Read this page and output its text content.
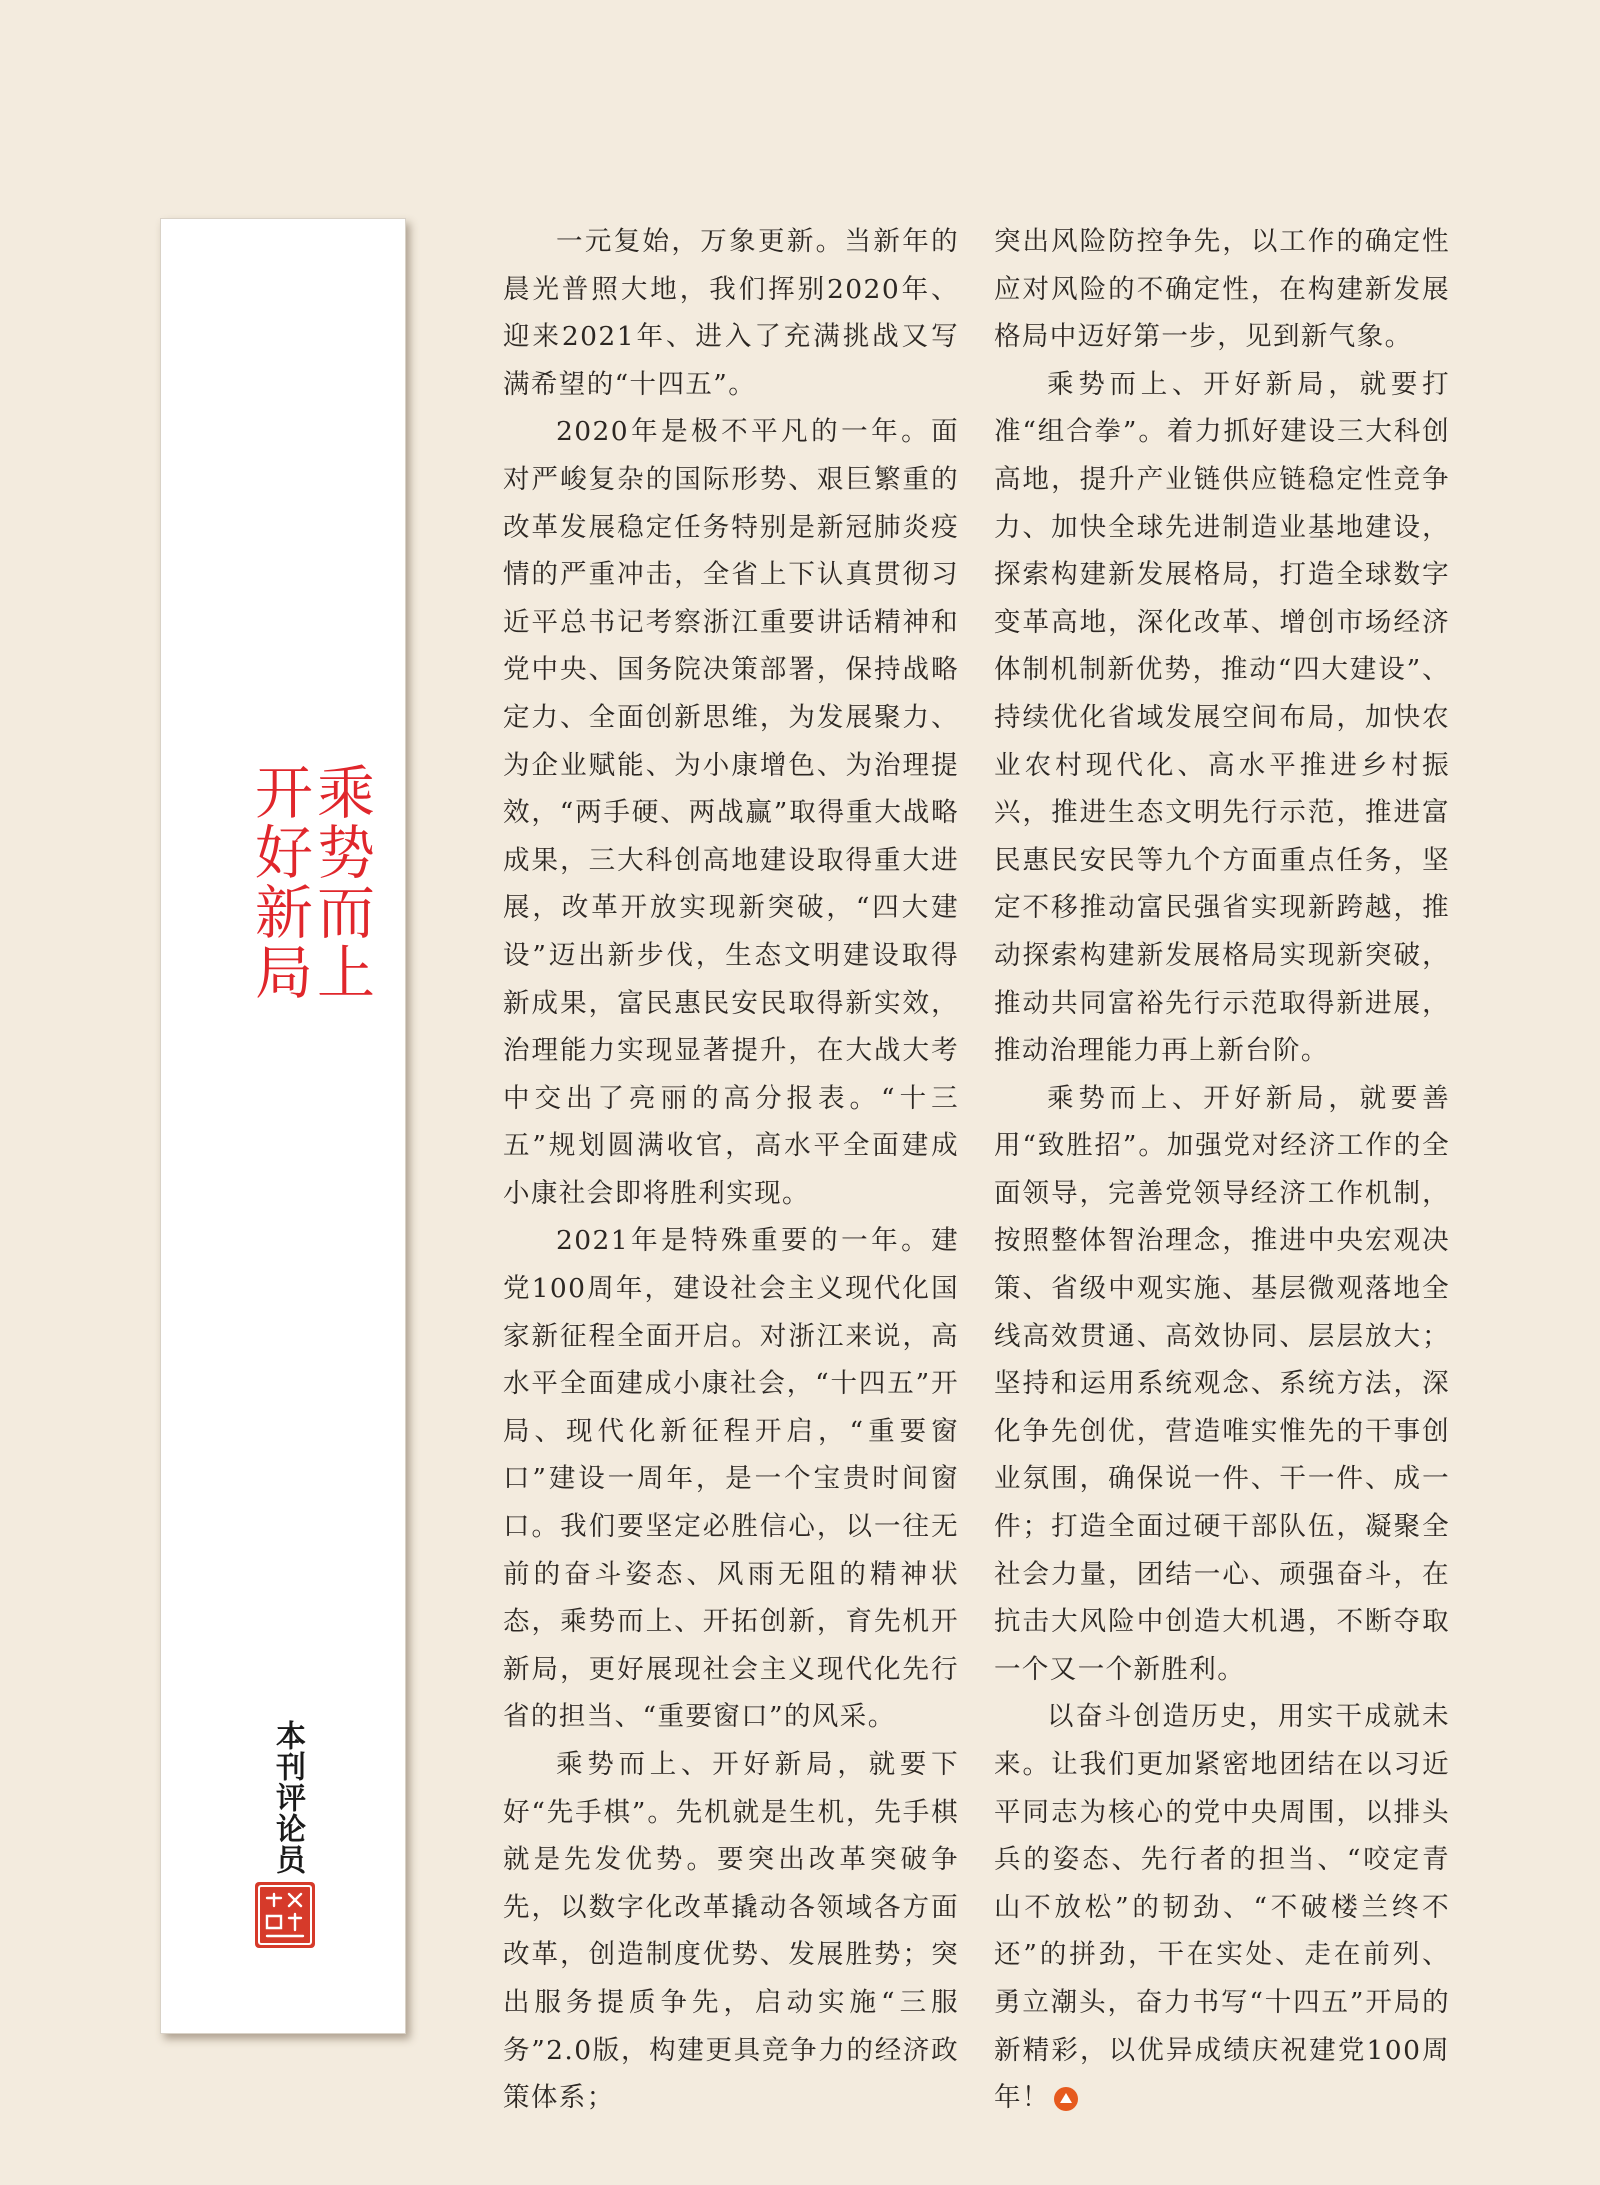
乘势而上
开好新局
本刊评论员

一元复始，万象更新。当新年的晨光普照大地，我们挥别2020年、迎来2021年、进入了充满挑战又写满希望的“十四五”。

2020年是极不平凡的一年。面对严峻复杂的国际形势、艰巨繁重的改革发展稳定任务特别是新冠肺炎疫情的严重冲击，全省上下认真贯彻习近平总书记考察浙江重要讲话精神和党中央、国务院决策部署，保持战略定力、全面创新思维，为发展聚力、为企业赋能、为小康增色、为治理提效，“两手硬、两战赢”取得重大战略成果，三大科创高地建设取得重大进展，改革开放实现新突破，“四大建设”迈出新步伐，生态文明建设取得新成果，富民惠民安民取得新实效，治理能力实现显著提升，在大战大考中交出了亮丽的高分报表。“十三五”规划圆满收官，高水平全面建成小康社会即将胜利实现。

2021年是特殊重要的一年。建党100周年，建设社会主义现代化国家新征程全面开启。对浙江来说，高水平全面建成小康社会，“十四五”开局、现代化新征程开启，“重要窗口”建设一周年，是一个宝贵时间窗口。我们要坚定必胜信心，以一往无前的奋斗姿态、风雨无阻的精神状态，乘势而上、开拓创新，育先机开新局，更好展现社会主义现代化先行省的担当、“重要窗口”的风采。

乘势而上、开好新局，就要下好“先手棋”。先机就是生机，先手棋就是先发优势。要突出改革突破争先，以数字化改革撬动各领域各方面改革，创造制度优势、发展胜势；突出服务提质争先，启动实施“三服务”2.0版，构建更具竞争力的经济政策体系；

突出风险防控争先，以工作的确定性应对风险的不确定性，在构建新发展格局中迈好第一步，见到新气象。

乘势而上、开好新局，就要打准“组合拳”。着力抓好建设三大科创高地，提升产业链供应链稳定性竞争力、加快全球先进制造业基地建设，探索构建新发展格局，打造全球数字变革高地，深化改革、增创市场经济体制机制新优势，推动“四大建设”、持续优化省域发展空间布局，加快农业农村现代化、高水平推进乡村振兴，推进生态文明先行示范，推进富民惠民安民等九个方面重点任务，坚定不移推动富民强省实现新跨越，推动探索构建新发展格局实现新突破，推动共同富裕先行示范取得新进展，推动治理能力再上新台阶。

乘势而上、开好新局，就要善用“致胜招”。加强党对经济工作的全面领导，完善党领导经济工作机制，按照整体智治理念，推进中央宏观决策、省级中观实施、基层微观落地全线高效贯通、高效协同、层层放大；坚持和运用系统观念、系统方法，深化争先创优，营造唯实惟先的干事创业氛围，确保说一件、干一件、成一件；打造全面过硬干部队伍，凝聚全社会力量，团结一心、顽强奋斗，在抗击大风险中创造大机遇，不断夺取一个又一个新胜利。

以奋斗创造历史，用实干成就未来。让我们更加紧密地团结在以习近平同志为核心的党中央周围，以排头兵的姿态、先行者的担当、“咬定青山不放松”的韧劲、“不破楼兰终不还”的拼劲，干在实处、走在前列、勇立潮头，奋力书写“十四五”开局的新精彩，以优异成绩庆祝建党100周年！
